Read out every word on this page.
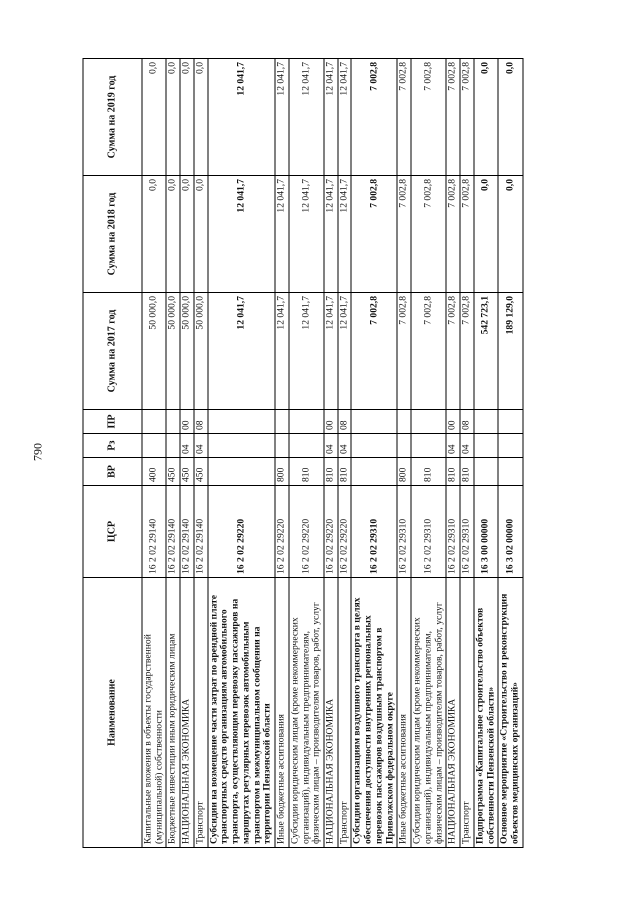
790
Наименование	ЦСР	ВР	Рз	ПР	Сумма на 2017 год	Сумма на 2018 год	Сумма на 2019 год
Капитальные вложения в объекты государственной (муниципальной) собственности	16 2 02 29140	400			50 000,0	0,0	0,0
Бюджетные инвестиции иным юридическим лицам	16 2 02 29140	450			50 000,0	0,0	0,0
НАЦИОНАЛЬНАЯ ЭКОНОМИКА	16 2 02 29140	450	04	00	50 000,0	0,0	0,0
Транспорт	16 2 02 29140	450	04	08	50 000,0	0,0	0,0
Субсидии на возмещение части затрат по арендной плате транспортных средств организациям автомобильного транспорта, осуществляющим перевозку пассажиров на маршрутах регулярных перевозок автомобильным транспортом в межмуниципальном сообщении на территории Пензенской области	16 2 02 29220				12 041,7	12 041,7	12 041,7
Иные бюджетные ассигнования	16 2 02 29220	800			12 041,7	12 041,7	12 041,7
Субсидии юридическим лицам (кроме некоммерческих организаций), индивидуальным предпринимателям, физическим лицам – производителям товаров, работ, услуг	16 2 02 29220	810			12 041,7	12 041,7	12 041,7
НАЦИОНАЛЬНАЯ ЭКОНОМИКА	16 2 02 29220	810	04	00	12 041,7	12 041,7	12 041,7
Транспорт	16 2 02 29220	810	04	08	12 041,7	12 041,7	12 041,7
Субсидии организациям воздушного транспорта в целях обеспечения доступности внутренних региональных перевозок пассажиров воздушным транспортом в Приволжском федеральном округе	16 2 02 29310				7 002,8	7 002,8	7 002,8
Иные бюджетные ассигнования	16 2 02 29310	800			7 002,8	7 002,8	7 002,8
Субсидии юридическим лицам (кроме некоммерческих организаций), индивидуальным предпринимателям, физическим лицам – производителям товаров, работ, услуг	16 2 02 29310	810			7 002,8	7 002,8	7 002,8
НАЦИОНАЛЬНАЯ ЭКОНОМИКА	16 2 02 29310	810	04	00	7 002,8	7 002,8	7 002,8
Транспорт	16 2 02 29310	810	04	08	7 002,8	7 002,8	7 002,8
Подпрограмма «Капитальное строительство объектов собственности Пензенской области»	16 3 00 00000				542 723,1	0,0	0,0
Основное мероприятие «Строительство и реконструкция объектов медицинских организаций»	16 3 02 00000				189 129,0	0,0	0,0
